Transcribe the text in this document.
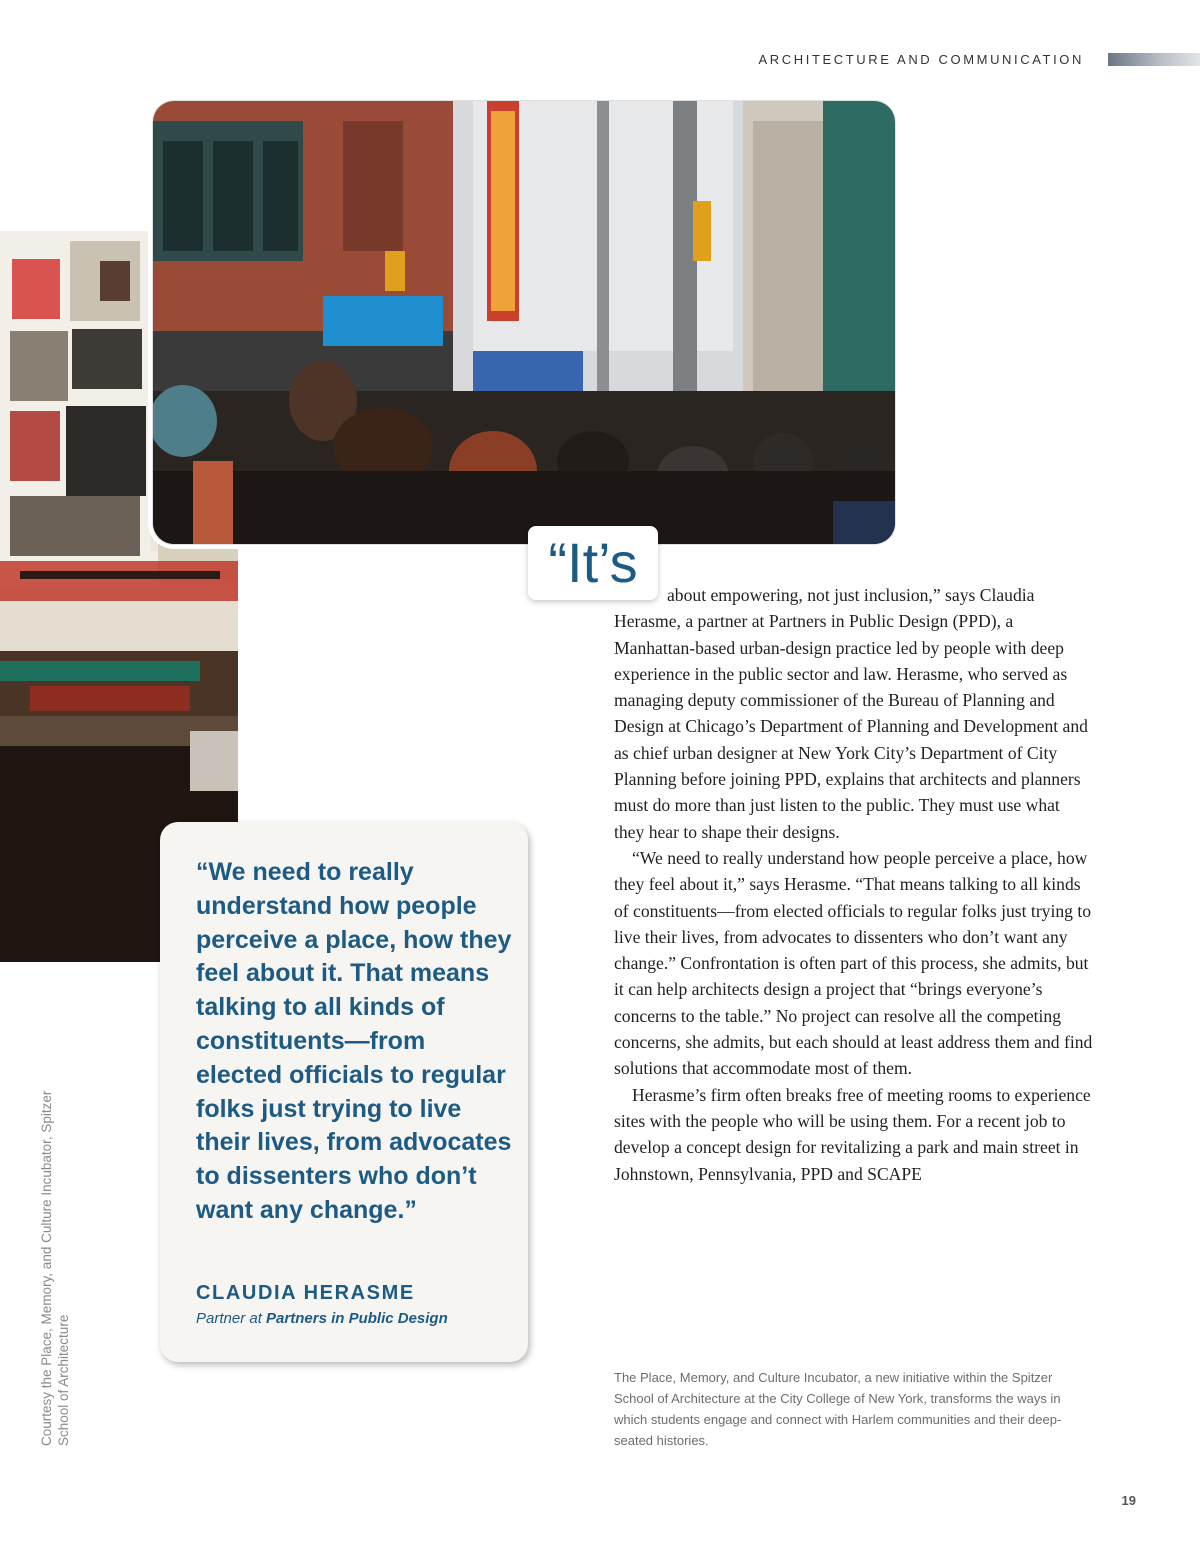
ARCHITECTURE AND COMMUNICATION
“It’s

about empowering, not just inclusion,” says Claudia Herasme, a partner at Partners in Public Design (PPD), a Manhattan-based urban-design practice led by people with deep experience in the public sector and law. Herasme, who served as managing deputy commissioner of the Bureau of Planning and Design at Chicago’s Department of Planning and Development and as chief urban designer at New York City’s Department of City Planning before joining PPD, explains that architects and planners must do more than just listen to the public. They must use what they hear to shape their designs.

“We need to really understand how people perceive a place, how they feel about it,” says Herasme. “That means talking to all kinds of constituents—from elected officials to regular folks just trying to live their lives, from advocates to dissenters who don’t want any change.” Confrontation is often part of this process, she admits, but it can help architects design a project that “brings everyone’s concerns to the table.” No project can resolve all the competing concerns, she admits, but each should at least address them and find solutions that accommodate most of them.

Herasme’s firm often breaks free of meeting rooms to experience sites with the people who will be using them. For a recent job to develop a concept design for revitalizing a park and main street in Johnstown, Pennsylvania, PPD and SCAPE

“We need to really understand how people perceive a place, how they feel about it. That means talking to all kinds of constituents—from elected officials to regular folks just trying to live their lives, from advocates to dissenters who don’t want any change.”

CLAUDIA HERASME
Partner at Partners in Public Design
Courtesy the Place, Memory, and Culture Incubator, Spitzer School of Architecture	The Place, Memory, and Culture Incubator, a new initiative within the Spitzer School of Architecture at the City College of New York, transforms the ways in which students engage and connect with Harlem communities and their deep-seated histories.
19
